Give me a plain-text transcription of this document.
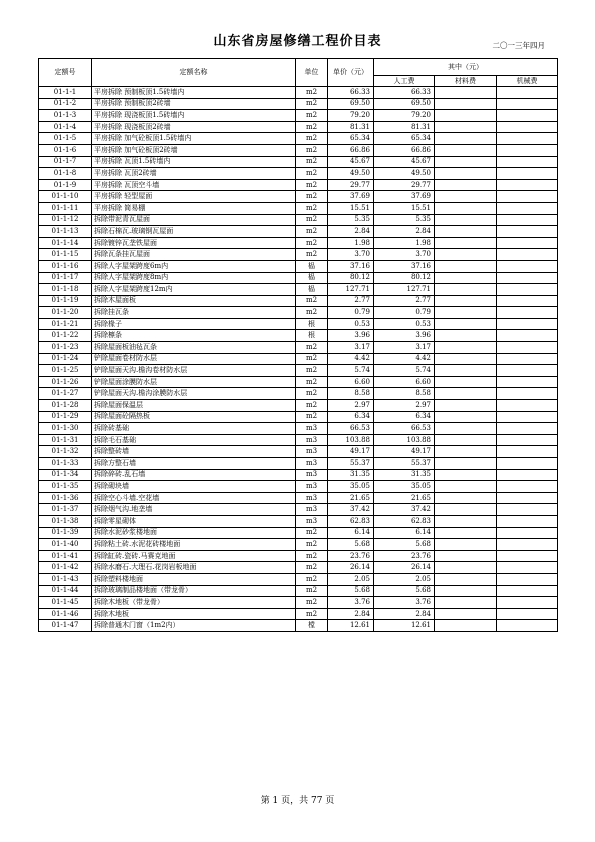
山东省房屋修缮工程价目表	二〇一三年四月
定额号	定额名称	单位	单价（元）	其中（元）		
				人工费	材料费	机械费
01-1-1	平房拆除 预制板顶1.5砖墙内	m2	66.33	66.33		
01-1-2	平房拆除 预制板顶2砖墙	m2	69.50	69.50		
01-1-3	平房拆除 现浇板顶1.5砖墙内	m2	79.20	79.20		
01-1-4	平房拆除 现浇板顶2砖墙	m2	81.31	81.31		
01-1-5	平房拆除 加气砼板顶1.5砖墙内	m2	65.34	65.34		
01-1-6	平房拆除 加气砼板顶2砖墙	m2	66.86	66.86		
01-1-7	平房拆除 瓦顶1.5砖墙内	m2	45.67	45.67		
01-1-8	平房拆除 瓦顶2砖墙	m2	49.50	49.50		
01-1-9	平房拆除 瓦顶空斗墙	m2	29.77	29.77		
01-1-10	平房拆除 轻型屋面	m2	37.69	37.69		
01-1-11	平房拆除 简易棚	m2	15.51	15.51		
01-1-12	拆除带泥青瓦屋面	m2	5.35	5.35		
01-1-13	拆除石棉瓦.玻璃钢瓦屋面	m2	2.84	2.84		
01-1-14	拆除镀锌瓦垄铁屋面	m2	1.98	1.98		
01-1-15	拆除瓦条挂瓦屋面	m2	3.70	3.70		
01-1-16	拆除人字屋架跨度6m内	榀	37.16	37.16		
01-1-17	拆除人字屋架跨度8m内	榀	80.12	80.12		
01-1-18	拆除人字屋架跨度12m内	榀	127.71	127.71		
01-1-19	拆除木屋面板	m2	2.77	2.77		
01-1-20	拆除挂瓦条	m2	0.79	0.79		
01-1-21	拆除椽子	根	0.53	0.53		
01-1-22	拆除檩条	根	3.96	3.96		
01-1-23	拆除屋面板油毡瓦条	m2	3.17	3.17		
01-1-24	铲除屋面卷材防水层	m2	4.42	4.42		
01-1-25	铲除屋面天沟.檐沟卷材防水层	m2	5.74	5.74		
01-1-26	铲除屋面涂膜防水层	m2	6.60	6.60		
01-1-27	铲除屋面天沟.檐沟涂膜防水层	m2	8.58	8.58		
01-1-28	拆除屋面保温层	m2	2.97	2.97		
01-1-29	拆除屋面砼隔热板	m2	6.34	6.34		
01-1-30	拆除砖基础	m3	66.53	66.53		
01-1-31	拆除毛石基础	m3	103.88	103.88		
01-1-32	拆除整砖墙	m3	49.17	49.17		
01-1-33	拆除方整石墙	m3	55.37	55.37		
01-1-34	拆除碎砖.乱石墙	m3	31.35	31.35		
01-1-35	拆除砌块墙	m3	35.05	35.05		
01-1-36	拆除空心斗墙.空花墙	m3	21.65	21.65		
01-1-37	拆除烟气沟.地垄墙	m3	37.42	37.42		
01-1-38	拆除零星砌体	m3	62.83	62.83		
01-1-39	拆除水泥砂浆楼地面	m2	6.14	6.14		
01-1-40	拆除粘土砖.水泥花砖楼地面	m2	5.68	5.68		
01-1-41	拆除缸砖.瓷砖.马赛克地面	m2	23.76	23.76		
01-1-42	拆除水磨石.大理石.花岗岩板地面	m2	26.14	26.14		
01-1-43	拆除塑料楼地面	m2	2.05	2.05		
01-1-44	拆除玻璃制品楼地面（带龙骨）	m2	5.68	5.68		
01-1-45	拆除木地板（带龙骨）	m2	3.76	3.76		
01-1-46	拆除木地板	m2	2.84	2.84		
01-1-47	拆除普通木门窗（1m2内）	樘	12.61	12.61		
第 1 页，共 77 页
